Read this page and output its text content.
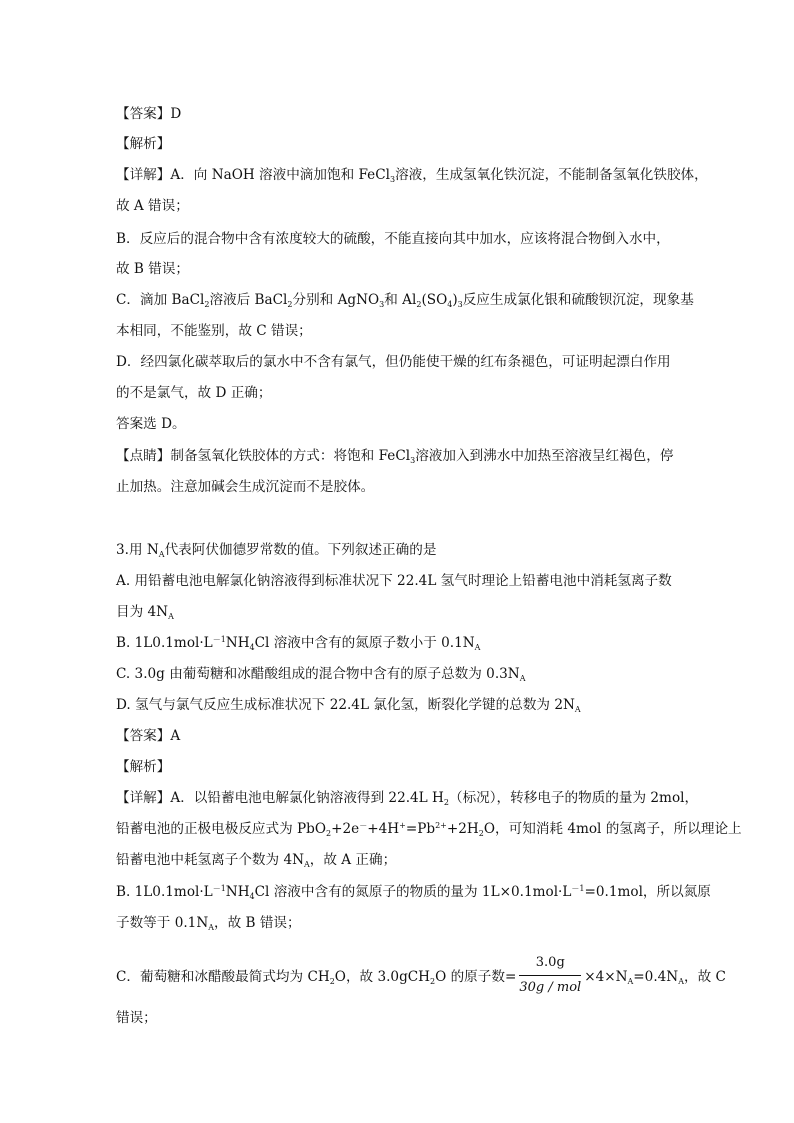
【答案】D
【解析】
【详解】A．向 NaOH 溶液中滴加饱和 FeCl$_3$溶液，生成氢氧化铁沉淀，不能制备氢氧化铁胶体，
故 A 错误；
B．反应后的混合物中含有浓度较大的硫酸，不能直接向其中加水，应该将混合物倒入水中，
故 B 错误；
C．滴加 BaCl$_2$溶液后 BaCl$_2$分别和 AgNO$_3$和 $Al_2(SO_4)_3$反应生成氯化银和硫酸钡沉淀，现象基
本相同，不能鉴别，故 C 错误；
D．经四氯化碳萃取后的氯水中不含有氯气，但仍能使干燥的红布条褪色，可证明起漂白作用
的不是氯气，故 D 正确；
答案选 D。
【点睛】制备氢氧化铁胶体的方式：将饱和 FeCl$_3$溶液加入到沸水中加热至溶液呈红褐色，停
止加热。注意加碱会生成沉淀而不是胶体。
3.用 $N_A$代表阿伏伽德罗常数的值。下列叙述正确的是
A. 用铅蓄电池电解氯化钠溶液得到标准状况下 22.4L 氢气时理论上铅蓄电池中消耗氢离子数
目为 $4N_A$
B. $1L0.1mol\cdot L^{-1}NH_4Cl$ 溶液中含有的氮原子数小于 $0.1N_A$
C. 3.0g 由葡萄糖和冰醋酸组成的混合物中含有的原子总数为 $0.3N_A$
D. 氢气与氯气反应生成标准状况下 22.4L 氯化氢，断裂化学键的总数为 $2N_A$
【答案】A
【解析】
【详解】A．以铅蓄电池电解氯化钠溶液得到 22.4L $H_2$（标况），转移电子的物质的量为 2mol，
铅蓄电池的正极电极反应式为 $PbO_2+2e^-+4H^+=Pb^{2+}+2H_2O$，可知消耗 4mol 的氢离子，所以理论上
铅蓄电池中耗氢离子个数为 $4N_A$，故 A 正确；
B. $1L0.1mol\cdot L^{-1}NH_4Cl$ 溶液中含有的氮原子的物质的量为 $1L\times 0.1mol\cdot L^{-1}=0.1mol$，所以氮原
子数等于 $0.1N_A$，故 B 错误；
C．葡萄糖和冰醋酸最简式均为 $CH_2O$，故 3.0gCH$_2$O 的原子数= $\frac{3.0g}{\text{30g / mol}} \times 4\times N_A=0.4N_A$，故 C
错误；
